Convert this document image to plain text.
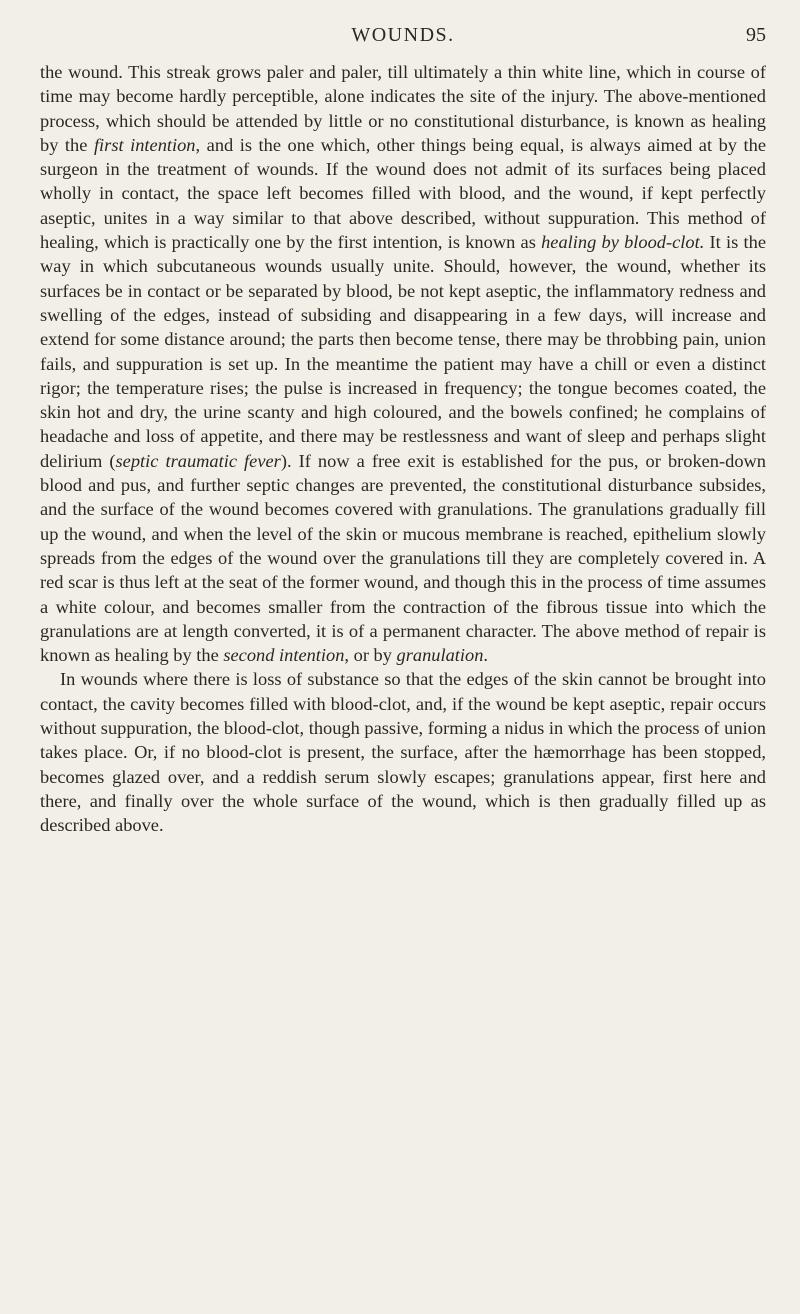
WOUNDS.	95

the wound. This streak grows paler and paler, till ultimately a thin white line, which in course of time may become hardly perceptible, alone indicates the site of the injury. The above-mentioned process, which should be attended by little or no constitutional disturbance, is known as healing by the first intention, and is the one which, other things being equal, is always aimed at by the surgeon in the treatment of wounds. If the wound does not admit of its surfaces being placed wholly in contact, the space left becomes filled with blood, and the wound, if kept perfectly aseptic, unites in a way similar to that above described, without suppuration. This method of healing, which is practically one by the first intention, is known as healing by blood-clot. It is the way in which subcutaneous wounds usually unite. Should, however, the wound, whether its surfaces be in contact or be separated by blood, be not kept aseptic, the inflammatory redness and swelling of the edges, instead of subsiding and disappearing in a few days, will increase and extend for some distance around; the parts then become tense, there may be throbbing pain, union fails, and suppuration is set up. In the meantime the patient may have a chill or even a distinct rigor; the temperature rises; the pulse is increased in frequency; the tongue becomes coated, the skin hot and dry, the urine scanty and high coloured, and the bowels confined; he complains of headache and loss of appetite, and there may be restlessness and want of sleep and perhaps slight delirium (septic traumatic fever). If now a free exit is established for the pus, or broken-down blood and pus, and further septic changes are prevented, the constitutional disturbance subsides, and the surface of the wound becomes covered with granulations. The granulations gradually fill up the wound, and when the level of the skin or mucous membrane is reached, epithelium slowly spreads from the edges of the wound over the granulations till they are completely covered in. A red scar is thus left at the seat of the former wound, and though this in the process of time assumes a white colour, and becomes smaller from the contraction of the fibrous tissue into which the granulations are at length converted, it is of a permanent character. The above method of repair is known as healing by the second intention, or by granulation.

In wounds where there is loss of substance so that the edges of the skin cannot be brought into contact, the cavity becomes filled with blood-clot, and, if the wound be kept aseptic, repair occurs without suppuration, the blood-clot, though passive, forming a nidus in which the process of union takes place. Or, if no blood-clot is present, the surface, after the hæmorrhage has been stopped, becomes glazed over, and a reddish serum slowly escapes; granulations appear, first here and there, and finally over the whole surface of the wound, which is then gradually filled up as described above.
